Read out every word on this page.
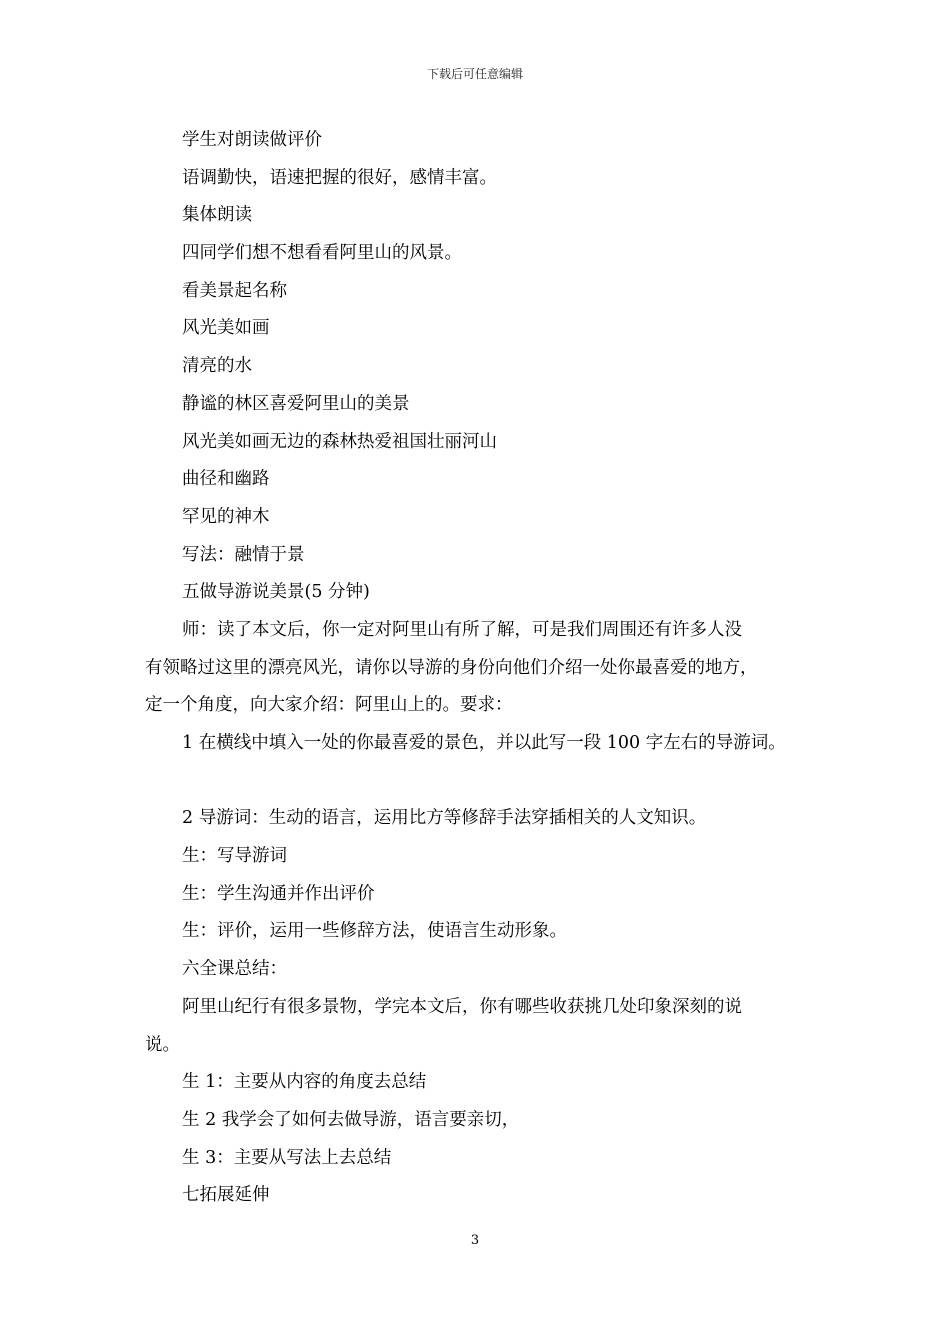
下载后可任意编辑
学生对朗读做评价
语调勤快，语速把握的很好，感情丰富。
集体朗读
四同学们想不想看看阿里山的风景。
看美景起名称
风光美如画
清亮的水
静谧的林区喜爱阿里山的美景
风光美如画无边的森林热爱祖国壮丽河山
曲径和幽路
罕见的神木
写法：融情于景
五做导游说美景(5 分钟)
师：读了本文后，你一定对阿里山有所了解，可是我们周围还有许多人没
有领略过这里的漂亮风光，请你以导游的身份向他们介绍一处你最喜爱的地方，
定一个角度，向大家介绍：阿里山上的。要求：
1 在横线中填入一处的你最喜爱的景色，并以此写一段 100 字左右的导游词。
2 导游词：生动的语言，运用比方等修辞手法穿插相关的人文知识。
生：写导游词
生：学生沟通并作出评价
生：评价，运用一些修辞方法，使语言生动形象。
六全课总结：
阿里山纪行有很多景物，学完本文后，你有哪些收获挑几处印象深刻的说
说。
生 1：主要从内容的角度去总结
生 2 我学会了如何去做导游，语言要亲切，
生 3：主要从写法上去总结
七拓展延伸
3
